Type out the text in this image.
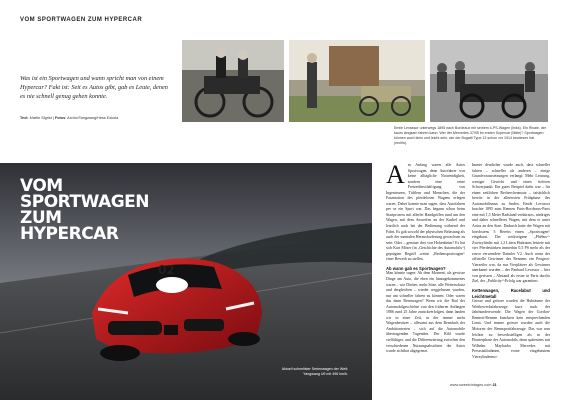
VOM SPORTWAGEN ZUM HYPERCAR
Was ist ein Sportwagen und wann spricht man von einem Hypercar? Fakt ist: Seit es Autos gibt, gab es Leute, denen es nie schnell genug gehen konnte.
Text: Martin Sigrist | Fotos: Archiv/Tangwang/Hess Exkola
Emile Levassor unterwegs 1895 nach Bordeaux mit seinem 4-PS-Wagen (links). Ein Rivale, der kaum langsam fahren kann: Wer der Mercedes 37/95 im ersten Supercar (Mitte)? Sportwagen können auch klein und leicht sein, wie der Bugatti Type 13 schon vor 1914 bewiesen hat (rechts).
02
VOM
SPORTWAGEN
ZUM
HYPERCAR
Aktuell schnellster Serienwagen der Welt: Yangwang U9 mit 496 km/h.
A m Anfang waren alle Autos Sportwagen, denn Autofahrer war keine alltägliche Notwendigkeit, sondern eine reine Freizeitbeschäftigung von Ingenieuren, Tüftlern und Menschen, die der Faszination des pferdelosen Wagens erlegen waren. Dabei konnte man sagen, dass Autofahren per se ein Sport war. Das begann schon beim Startprozess mit allerlei Handgriffen rund um den Wagen, mit dem Anwerfen an der Kurbel und letztlich auch bei der Bedienung während der Fahrt. Es gab sowohl der physischen Belastung als auch der mentalen Herausforderung gewachsen zu sein. Oder – genauer drei von Hohenheim? Es hat sich Kurt Möser (in „Geschichte des Automobils“) geprägten Begriff «reine „Bediensportwagen“ einer Bewerb zu stellen.

Ab wann gab es Sportwagen?

Man könnte sagen: Ab dem Moment, als gewisse Dinge am Auto, die eben ein hinzugekommenes waren – wie Dächer, mehr Sitze, alle Wetterschutz und dergleichen – wieder weggelassen wurden, nur um schneller fahren zu können. Oder waren das dann Rennwagen? Wenn wir die Rad der Automobilgeschichte von den früheren Anfängen 1886 rund 25 Jahre zurückverfolgen, dann landen wir in einer Zeit, in der immer mehr Wagenbesitzer – allesamt aus dem Rennfach der Ambitionierten – sich auf die Automobile übertragenden Tugenden. Der Bild wurde vielfältiger, und die Differenzierung zwischen den verschiedenen Nutzungsabsichten der Autos wurde sichtbar abgegrenzt.

Immer deutlicher wurde auch, dass schneller fahren – schneller als anderen – einige Grundvoraussetzungen verlangt: Mehr Leistung, weniger Gewicht und einen tieferen Schwerpunkt. Ein gutes Beispiel dafür war – für einen zeitlichen Rechercheansatz – tatsächlich bereits in der allerersten Frühphase des Automobilismus zu finden. Emile Levassor brachte 1895 zum Rennen Paris-Bordeaux-Paris eine mit 1,5 Meter Radstand verkürztes, niedriges und daher schnelleres Wagen, mit dem er unter Autos an den Start. Dadurch hatte der Wagen mit hoechstens 5 Bereits einen „Sportwagen“ eingebaut. Der werkseigene „Phébus“-Zweizylinder mit 1,2 Litern Hubraum leistete mit vier Pferdestärken immerhin 0,5 PS mehr als der zuvor verwendete Daimler V2. Auch wenn der offizielle Gewinner des Rennens ein Peugeot-Vierzeiler war, da nur Vierplätzer als Gewinner anerkannt wurden – der Panhard Levassor – hier von gerissen – Abstand als erster in Paris durchs Ziel, der „Publicity“-Erfolg war garantiert.

Kettenwagen, Racelabut und Leichtmetall

Grosse und grösser wurden die Hubräume der Wettbewerbsfahrzeuge kurz nach der Jahrhundertwende. Die Wagen der Gordon-Bennett-Rennen knackten kein entsprechenden Limit. Und immer grösser wurden auch die Motoren der Rennsportfahrzeuge. Das war nun leichter zu bewerkstelligen als in der Pionierphase des Automobils, denn spätestens mit Wilhelm Maybachs Mercedes mit Pressstahlrahmen, vorne eingebautem Vierzylindermo-

www.sweetvintages.com 21
